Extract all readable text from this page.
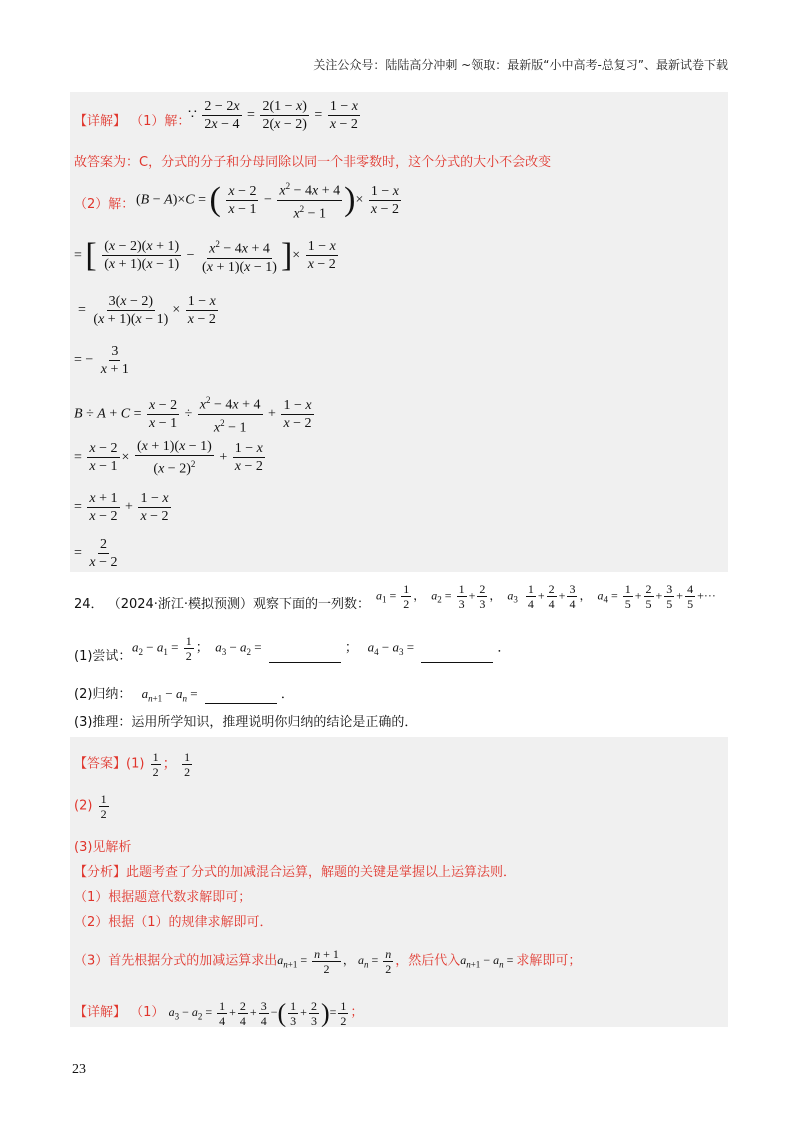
关注公众号：陆陆高分冲刺 ~领取：最新版“小中高考-总复习”、最新试卷下载
【详解】 （1）解：
∵ $\frac{2 - 2x}{2x - 4} = \frac{2(1 - x)}{2(x - 2)} = \frac{1 - x}{x - 2}$
故答案为：C，分式的分子和分母同除以同一个非零数时，这个分式的大小不会改变
（2）解： (B − A)×C = ( $\frac{x - 2}{x - 1} - \frac{x^2 - 4x + 4}{x^2 - 1}$ )× $\frac{1 - x}{x - 2}$
= [ $\frac{(x - 2)(x + 1)}{(x + 1)(x - 1)} - \frac{x^2 - 4x + 4}{(x + 1)(x - 1)}$ ]× $\frac{1 - x}{x - 2}$
= $\frac{3(x - 2)}{(x + 1)(x - 1)} \times \frac{1 - x}{x - 2}$
= − $\frac{3}{x + 1}$
$B \div A + C = \frac{x - 2}{x - 1} \div \frac{x^2 - 4x + 4}{x^2 - 1} + \frac{1 - x}{x - 2}$
= $\frac{x - 2}{x - 1} \times \frac{(x + 1)(x - 1)}{(x - 2)^2} + \frac{1 - x}{x - 2}$
= $\frac{x + 1}{x - 2} + \frac{1 - x}{x - 2}$
= $\frac{2}{x - 2}$
24． （2024·浙江·模拟预测）观察下面的一列数：
$a_1 = \frac{1}{2}$ ，  $a_2 = \frac{1}{3} + \frac{2}{3}$ ，  $a_3 \frac{1}{4} + \frac{2}{4} + \frac{3}{4}$ ，  $a_4 = \frac{1}{5} + \frac{2}{5} + \frac{3}{5} + \frac{4}{5}$ +···
(1)尝试：
$a_2 - a_1 = \frac{1}{2}$ ；  $a_3 - a_2$ =	；   $a_4 - a_3$ =	．
(2)归纳： $a_{n+1} - a_n$ =	．
(3)推理：运用所学知识，推理说明你归纳的结论是正确的．
【答案】$(1) \frac{1}{2}$ ； $\frac{1}{2}$
$(2) \frac{1}{2}$
(3)见解析
【分析】此题考查了分式的加减混合运算，解题的关键是掌握以上运算法则．
（1）根据题意代数求解即可；
（2）根据（1）的规律求解即可．
（3）首先根据分式的加减运算求出$a_{n+1} = \frac{n + 1}{2}$ ， $a_n = \frac{n}{2}$ ，然后代入$a_{n+1} - a_n$ = 求解即可；
【详解】 （1） $a_3 - a_2 = \frac{1}{4} + \frac{2}{4} + \frac{3}{4}$ −( $\frac{1}{3} + \frac{2}{3}$ )= $\frac{1}{2}$ ；
23
